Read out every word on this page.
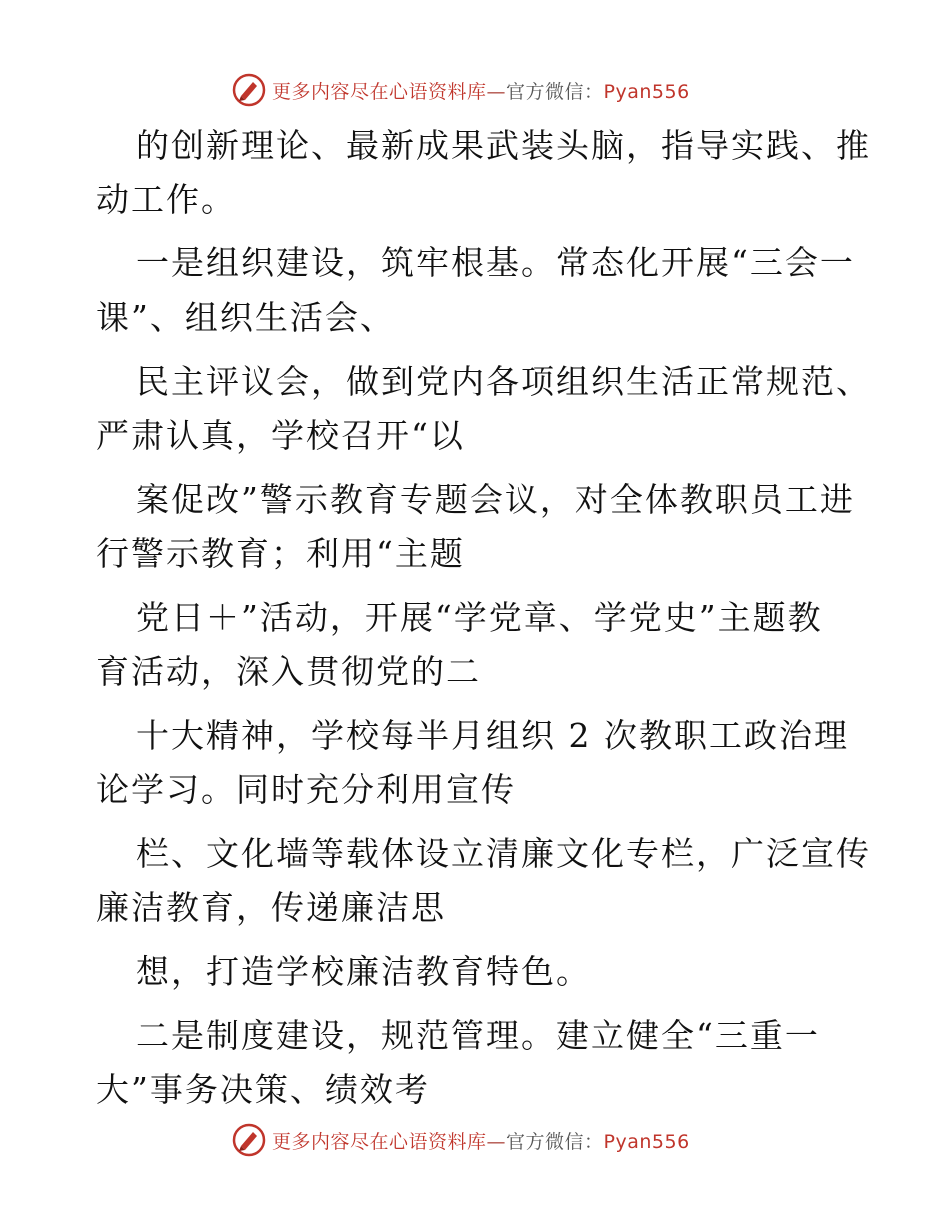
更多内容尽在心语资料库—官方微信：Pyan556
的创新理论、最新成果武装头脑，指导实践、推
动工作。
一是组织建设，筑牢根基。常态化开展“三会一
课”、组织生活会、
民主评议会，做到党内各项组织生活正常规范、
严肃认真，学校召开“以
案促改”警示教育专题会议，对全体教职员工进
行警示教育；利用“主题
党日＋”活动，开展“学党章、学党史”主题教
育活动，深入贯彻党的二
十大精神，学校每半月组织 2 次教职工政治理
论学习。同时充分利用宣传
栏、文化墙等载体设立清廉文化专栏，广泛宣传
廉洁教育，传递廉洁思
想，打造学校廉洁教育特色。
二是制度建设，规范管理。建立健全“三重一
大”事务决策、绩效考
更多内容尽在心语资料库—官方微信：Pyan556
